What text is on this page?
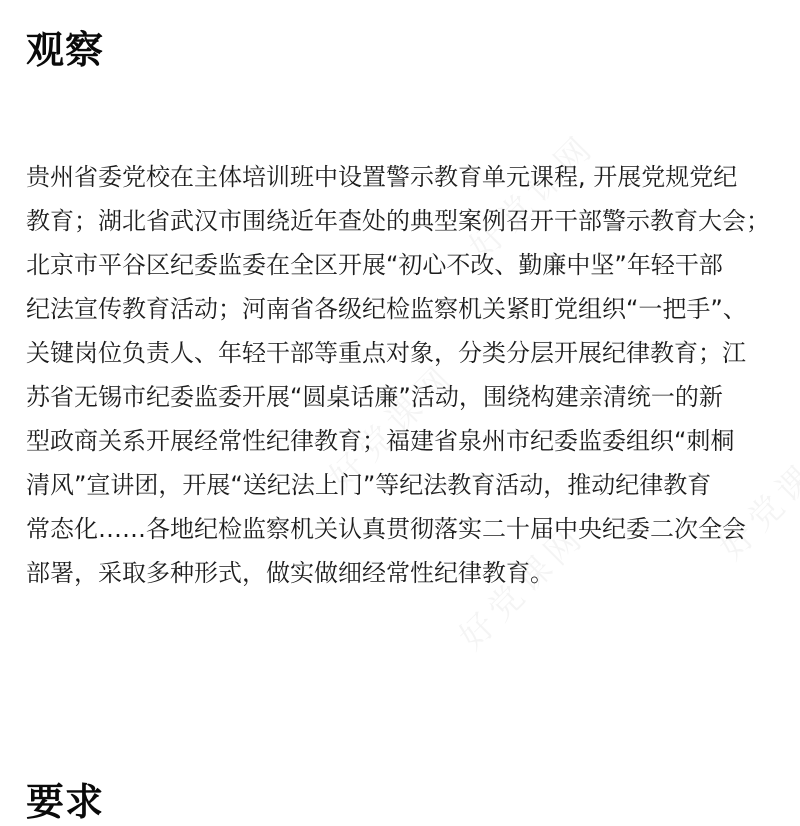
观察

贵州省委党校在主体培训班中设置警示教育单元课程, 开展党规党纪
教育；湖北省武汉市围绕近年查处的典型案例召开干部警示教育大会；
北京市平谷区纪委监委在全区开展“初心不改、勤廉中坚”年轻干部
纪法宣传教育活动；河南省各级纪检监察机关紧盯党组织“一把手”、
关键岗位负责人、年轻干部等重点对象，分类分层开展纪律教育；江
苏省无锡市纪委监委开展“圆桌话廉”活动，围绕构建亲清统一的新
型政商关系开展经常性纪律教育；福建省泉州市纪委监委组织“刺桐
清风”宣讲团，开展“送纪法上门”等纪法教育活动，推动纪律教育
常态化……各地纪检监察机关认真贯彻落实二十届中央纪委二次全会
部署，采取多种形式，做实做细经常性纪律教育。

要求
